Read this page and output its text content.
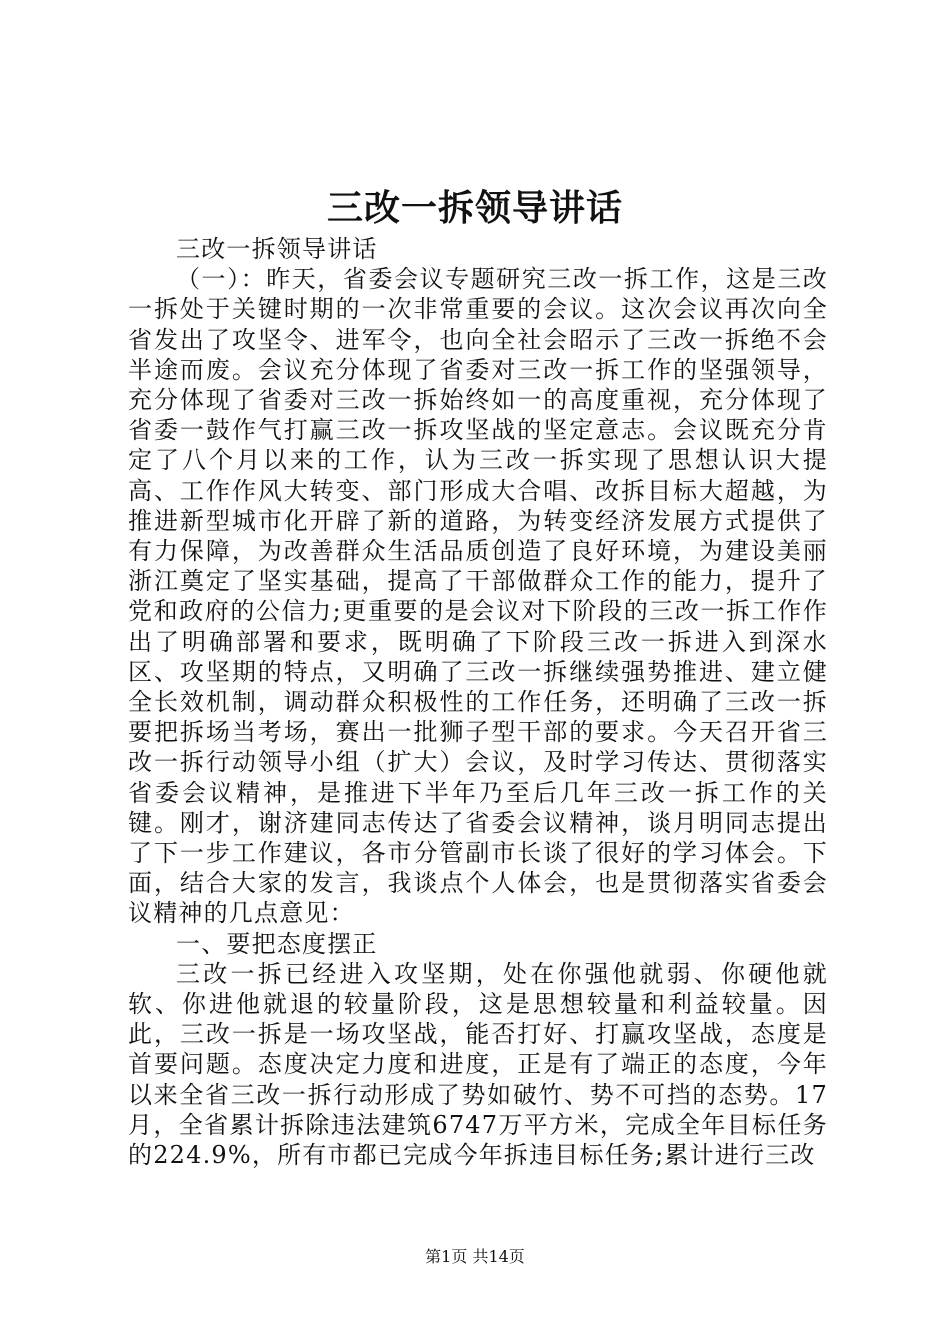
三改一拆领导讲话

三改一拆领导讲话

（一）：昨天，省委会议专题研究三改一拆工作，这是三改一拆处于关键时期的一次非常重要的会议。这次会议再次向全省发出了攻坚令、进军令，也向全社会昭示了三改一拆绝不会半途而废。会议充分体现了省委对三改一拆工作的坚强领导，充分体现了省委对三改一拆始终如一的高度重视，充分体现了省委一鼓作气打赢三改一拆攻坚战的坚定意志。会议既充分肯定了八个月以来的工作，认为三改一拆实现了思想认识大提高、工作作风大转变、部门形成大合唱、改拆目标大超越，为推进新型城市化开辟了新的道路，为转变经济发展方式提供了有力保障，为改善群众生活品质创造了良好环境，为建设美丽浙江奠定了坚实基础，提高了干部做群众工作的能力，提升了党和政府的公信力;更重要的是会议对下阶段的三改一拆工作作出了明确部署和要求，既明确了下阶段三改一拆进入到深水区、攻坚期的特点，又明确了三改一拆继续强势推进、建立健全长效机制，调动群众积极性的工作任务，还明确了三改一拆要把拆场当考场，赛出一批狮子型干部的要求。今天召开省三改一拆行动领导小组（扩大）会议，及时学习传达、贯彻落实省委会议精神，是推进下半年乃至后几年三改一拆工作的关键。刚才，谢济建同志传达了省委会议精神，谈月明同志提出了下一步工作建议，各市分管副市长谈了很好的学习体会。下面，结合大家的发言，我谈点个人体会，也是贯彻落实省委会议精神的几点意见：

一、要把态度摆正

三改一拆已经进入攻坚期，处在你强他就弱、你硬他就软、你进他就退的较量阶段，这是思想较量和利益较量。因此，三改一拆是一场攻坚战，能否打好、打赢攻坚战，态度是首要问题。态度决定力度和进度，正是有了端正的态度，今年以来全省三改一拆行动形成了势如破竹、势不可挡的态势。17月，全省累计拆除违法建筑6747万平方米，完成全年目标任务的224.9%，所有市都已完成今年拆违目标任务;累计进行三改

第1页 共14页
